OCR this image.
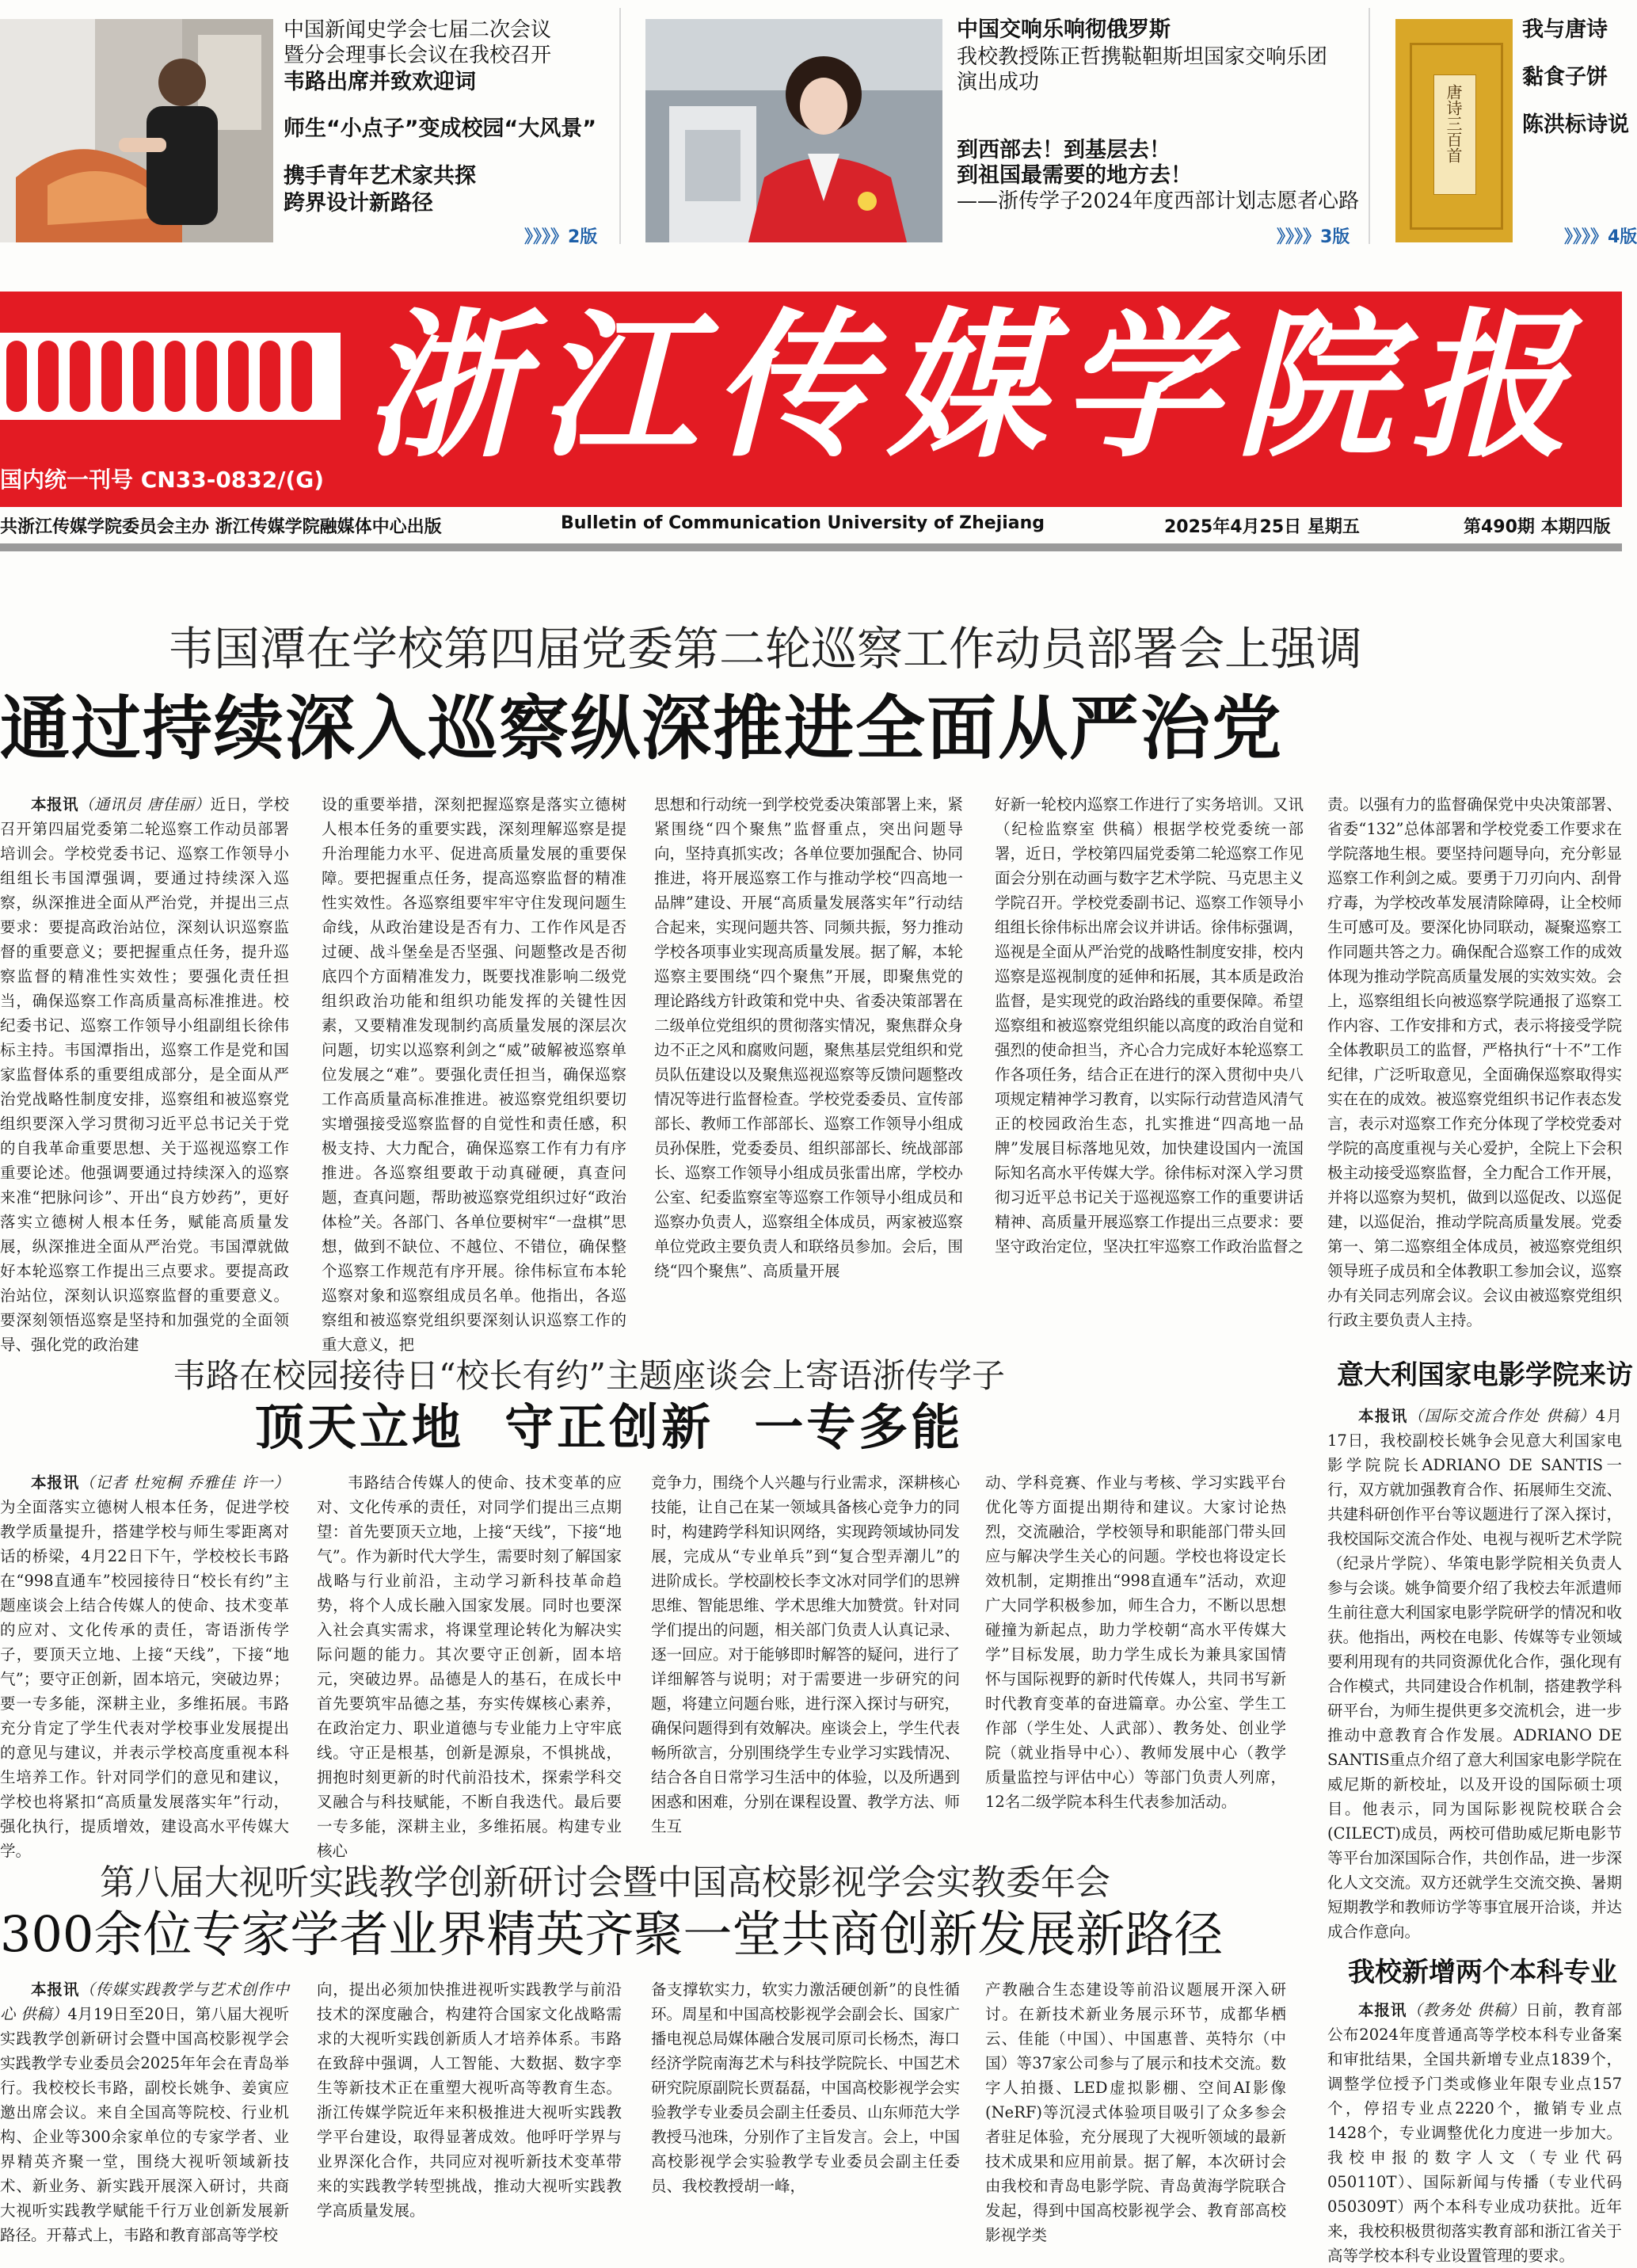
中国新闻史学会七届二次会议
暨分会理事长会议在我校召开
韦路出席并致欢迎词
师生“小点子”变成校园“大风景”
携手青年艺术家共探
跨界设计新路径
》》》》2版
中国交响乐响彻俄罗斯
我校教授陈正哲携鞑靼斯坦国家交响乐团
演出成功
到西部去！到基层去！
到祖国最需要的地方去！
——浙传学子2024年度西部计划志愿者心路
》》》》3版
唐诗三百首
我与唐诗
黏食子饼
陈洪标诗说
》》》》4版
浙江传媒学院报
国内统一刊号 CN33-0832/(G)
共浙江传媒学院委员会主办 浙江传媒学院融媒体中心出版	Bulletin of Communication University of Zhejiang	2025年4月25日 星期五	第490期 本期四版
韦国潭在学校第四届党委第二轮巡察工作动员部署会上强调
通过持续深入巡察纵深推进全面从严治党

本报讯（通讯员 唐佳丽）近日，学校召开第四届党委第二轮巡察工作动员部署培训会。学校党委书记、巡察工作领导小组组长韦国潭强调，要通过持续深入巡察，纵深推进全面从严治党，并提出三点要求：要提高政治站位，深刻认识巡察监督的重要意义；要把握重点任务，提升巡察监督的精准性实效性；要强化责任担当，确保巡察工作高质量高标准推进。校纪委书记、巡察工作领导小组副组长徐伟标主持。韦国潭指出，巡察工作是党和国家监督体系的重要组成部分，是全面从严治党战略性制度安排，巡察组和被巡察党组织要深入学习贯彻习近平总书记关于党的自我革命重要思想、关于巡视巡察工作重要论述。他强调要通过持续深入的巡察来准“把脉问诊”、开出“良方妙药”，更好落实立德树人根本任务，赋能高质量发展，纵深推进全面从严治党。韦国潭就做好本轮巡察工作提出三点要求。要提高政治站位，深刻认识巡察监督的重要意义。要深刻领悟巡察是坚持和加强党的全面领导、强化党的政治建

设的重要举措，深刻把握巡察是落实立德树人根本任务的重要实践，深刻理解巡察是提升治理能力水平、促进高质量发展的重要保障。要把握重点任务，提高巡察监督的精准性实效性。各巡察组要牢牢守住发现问题生命线，从政治建设是否有力、工作作风是否过硬、战斗堡垒是否坚强、问题整改是否彻底四个方面精准发力，既要找准影响二级党组织政治功能和组织功能发挥的关键性因素，又要精准发现制约高质量发展的深层次问题，切实以巡察利剑之“威”破解被巡察单位发展之“难”。要强化责任担当，确保巡察工作高质量高标准推进。被巡察党组织要切实增强接受巡察监督的自觉性和责任感，积极支持、大力配合，确保巡察工作有力有序推进。各巡察组要敢于动真碰硬，真查问题，查真问题，帮助被巡察党组织过好“政治体检”关。各部门、各单位要树牢“一盘棋”思想，做到不缺位、不越位、不错位，确保整个巡察工作规范有序开展。徐伟标宣布本轮巡察对象和巡察组成员名单。他指出，各巡察组和被巡察党组织要深刻认识巡察工作的重大意义，把

思想和行动统一到学校党委决策部署上来，紧紧围绕“四个聚焦”监督重点，突出问题导向，坚持真抓实改；各单位要加强配合、协同推进，将开展巡察工作与推动学校“四高地一品牌”建设、开展“高质量发展落实年”行动结合起来，实现问题共答、同频共振，努力推动学校各项事业实现高质量发展。据了解，本轮巡察主要围绕“四个聚焦”开展，即聚焦党的理论路线方针政策和党中央、省委决策部署在二级单位党组织的贯彻落实情况，聚焦群众身边不正之风和腐败问题，聚焦基层党组织和党员队伍建设以及聚焦巡视巡察等反馈问题整改情况等进行监督检查。学校党委委员、宣传部部长、教师工作部部长、巡察工作领导小组成员孙保胜，党委委员、组织部部长、统战部部长、巡察工作领导小组成员张雷出席，学校办公室、纪委监察室等巡察工作领导小组成员和巡察办负责人，巡察组全体成员，两家被巡察单位党政主要负责人和联络员参加。会后，围绕“四个聚焦”、高质量开展

好新一轮校内巡察工作进行了实务培训。又讯（纪检监察室 供稿）根据学校党委统一部署，近日，学校第四届党委第二轮巡察工作见面会分别在动画与数字艺术学院、马克思主义学院召开。学校党委副书记、巡察工作领导小组组长徐伟标出席会议并讲话。徐伟标强调，巡视是全面从严治党的战略性制度安排，校内巡察是巡视制度的延伸和拓展，其本质是政治监督，是实现党的政治路线的重要保障。希望巡察组和被巡察党组织能以高度的政治自觉和强烈的使命担当，齐心合力完成好本轮巡察工作各项任务，结合正在进行的深入贯彻中央八项规定精神学习教育，以实际行动营造风清气正的校园政治生态，扎实推进“四高地一品牌”发展目标落地见效，加快建设国内一流国际知名高水平传媒大学。徐伟标对深入学习贯彻习近平总书记关于巡视巡察工作的重要讲话精神、高质量开展巡察工作提出三点要求：要坚守政治定位，坚决扛牢巡察工作政治监督之

责。以强有力的监督确保党中央决策部署、省委“132”总体部署和学校党委工作要求在学院落地生根。要坚持问题导向，充分彰显巡察工作利剑之威。要勇于刀刃向内、刮骨疗毒，为学校改革发展清除障碍，让全校师生可感可及。要深化协同联动，凝聚巡察工作同题共答之力。确保配合巡察工作的成效体现为推动学院高质量发展的实效实效。会上，巡察组组长向被巡察学院通报了巡察工作内容、工作安排和方式，表示将接受学院全体教职员工的监督，严格执行“十不”工作纪律，广泛听取意见，全面确保巡察取得实实在在的成效。被巡察党组织书记作表态发言，表示对巡察工作充分体现了学校党委对学院的高度重视与关心爱护，全院上下会积极主动接受巡察监督，全力配合工作开展，并将以巡察为契机，做到以巡促改、以巡促建，以巡促治，推动学院高质量发展。党委第一、第二巡察组全体成员，被巡察党组织领导班子成员和全体教职工参加会议，巡察办有关同志列席会议。会议由被巡察党组织行政主要负责人主持。

韦路在校园接待日“校长有约”主题座谈会上寄语浙传学子
顶天立地  守正创新  一专多能

本报讯（记者 杜宛桐 乔雅佳 许一）为全面落实立德树人根本任务，促进学校教学质量提升，搭建学校与师生零距离对话的桥梁，4月22日下午，学校校长韦路在“998直通车”校园接待日“校长有约”主题座谈会上结合传媒人的使命、技术变革的应对、文化传承的责任，寄语浙传学子，要顶天立地、上接“天线”，下接“地气”；要守正创新，固本培元，突破边界；要一专多能，深耕主业，多维拓展。韦路充分肯定了学生代表对学校事业发展提出的意见与建议，并表示学校高度重视本科生培养工作。针对同学们的意见和建议，学校也将紧扣“高质量发展落实年”行动，强化执行，提质增效，建设高水平传媒大学。

韦路结合传媒人的使命、技术变革的应对、文化传承的责任，对同学们提出三点期望：首先要顶天立地，上接“天线”，下接“地气”。作为新时代大学生，需要时刻了解国家战略与行业前沿，主动学习新科技革命趋势，将个人成长融入国家发展。同时也要深入社会真实需求，将课堂理论转化为解决实际问题的能力。其次要守正创新，固本培元，突破边界。品德是人的基石，在成长中首先要筑牢品德之基，夯实传媒核心素养，在政治定力、职业道德与专业能力上守牢底线。守正是根基，创新是源泉，不惧挑战，拥抱时刻更新的时代前沿技术，探索学科交叉融合与科技赋能，不断自我迭代。最后要一专多能，深耕主业，多维拓展。构建专业核心

竞争力，围绕个人兴趣与行业需求，深耕核心技能，让自己在某一领域具备核心竞争力的同时，构建跨学科知识网络，实现跨领域协同发展，完成从“专业单兵”到“复合型弄潮儿”的进阶成长。学校副校长李文冰对同学们的思辨思维、智能思维、学术思维大加赞赏。针对同学们提出的问题，相关部门负责人认真记录、逐一回应。对于能够即时解答的疑问，进行了详细解答与说明；对于需要进一步研究的问题，将建立问题台账，进行深入探讨与研究，确保问题得到有效解决。座谈会上，学生代表畅所欲言，分别围绕学生专业学习实践情况、结合各自日常学习生活中的体验，以及所遇到困惑和困难，分别在课程设置、教学方法、师生互

动、学科竞赛、作业与考核、学习实践平台优化等方面提出期待和建议。大家讨论热烈，交流融洽，学校领导和职能部门带头回应与解决学生关心的问题。学校也将设定长效机制，定期推出“998直通车”活动，欢迎广大同学积极参加，师生合力，不断以思想碰撞为新起点，助力学校朝“高水平传媒大学”目标发展，助力学生成长为兼具家国情怀与国际视野的新时代传媒人，共同书写新时代教育变革的奋进篇章。办公室、学生工作部（学生处、人武部）、教务处、创业学院（就业指导中心）、教师发展中心（教学质量监控与评估中心）等部门负责人列席，12名二级学院本科生代表参加活动。

意大利国家电影学院来访

本报讯（国际交流合作处 供稿）4月17日，我校副校长姚争会见意大利国家电影学院院长ADRIANO DE SANTIS一行，双方就加强教育合作、拓展师生交流、共建科研创作平台等议题进行了深入探讨，我校国际交流合作处、电视与视听艺术学院（纪录片学院）、华策电影学院相关负责人参与会谈。姚争简要介绍了我校去年派遣师生前往意大利国家电影学院研学的情况和收获。他指出，两校在电影、传媒等专业领域要利用现有的共同资源优化合作，强化现有合作模式，共同建设合作机制，搭建教学科研平台，为师生提供更多交流机会，进一步推动中意教育合作发展。ADRIANO DE SANTIS重点介绍了意大利国家电影学院在威尼斯的新校址，以及开设的国际硕士项目。他表示，同为国际影视院校联合会(CILECT)成员，两校可借助威尼斯电影节等平台加深国际合作，共创作品，进一步深化人文交流。双方还就学生交流交换、暑期短期教学和教师访学等事宜展开洽谈，并达成合作意向。

第八届大视听实践教学创新研讨会暨中国高校影视学会实教委年会
300余位专家学者业界精英齐聚一堂共商创新发展新路径

本报讯（传媒实践教学与艺术创作中心 供稿）4月19日至20日，第八届大视听实践教学创新研讨会暨中国高校影视学会实践教学专业委员会2025年年会在青岛举行。我校校长韦路，副校长姚争、姜寅应邀出席会议。来自全国高等院校、行业机构、企业等300余家单位的专家学者、业界精英齐聚一堂，围绕大视听领域新技术、新业务、新实践开展深入研讨，共商大视听实践教学赋能千行万业创新发展新路径。开幕式上，韦路和教育部高等学校

向，提出必须加快推进视听实践教学与前沿技术的深度融合，构建符合国家文化战略需求的大视听实践创新质人才培养体系。韦路在致辞中强调，人工智能、大数据、数字孪生等新技术正在重塑大视听高等教育生态。浙江传媒学院近年来积极推进大视听实践教学平台建设，取得显著成效。他呼吁学界与业界深化合作，共同应对视听新技术变革带来的实践教学转型挑战，推动大视听实践教学高质量发展。

备支撑软实力，软实力激活硬创新”的良性循环。周星和中国高校影视学会副会长、国家广播电视总局媒体融合发展司原司长杨杰，海口经济学院南海艺术与科技学院院长、中国艺术研究院原副院长贾磊磊，中国高校影视学会实验教学专业委员会副主任委员、山东师范大学教授马池珠，分别作了主旨发言。会上，中国高校影视学会实验教学专业委员会副主任委员、我校教授胡一峰，

产教融合生态建设等前沿议题展开深入研讨。在新技术新业务展示环节，成都华栖云、佳能（中国）、中国惠普、英特尔（中国）等37家公司参与了展示和技术交流。数字人拍摄、LED虚拟影棚、空间AI影像(NeRF)等沉浸式体验项目吸引了众多参会者驻足体验，充分展现了大视听领域的最新技术成果和应用前景。据了解，本次研讨会由我校和青岛电影学院、青岛黄海学院联合发起，得到中国高校影视学会、教育部高校影视学类

我校新增两个本科专业

本报讯（教务处 供稿）日前，教育部公布2024年度普通高等学校本科专业备案和审批结果，全国共新增专业点1839个，调整学位授予门类或修业年限专业点157个，停招专业点2220个，撤销专业点1428个，专业调整优化力度进一步加大。我校申报的数字人文（专业代码050110T）、国际新闻与传播（专业代码050309T）两个本科专业成功获批。近年来，我校积极贯彻落实教育部和浙江省关于高等学校本科专业设置管理的要求。
